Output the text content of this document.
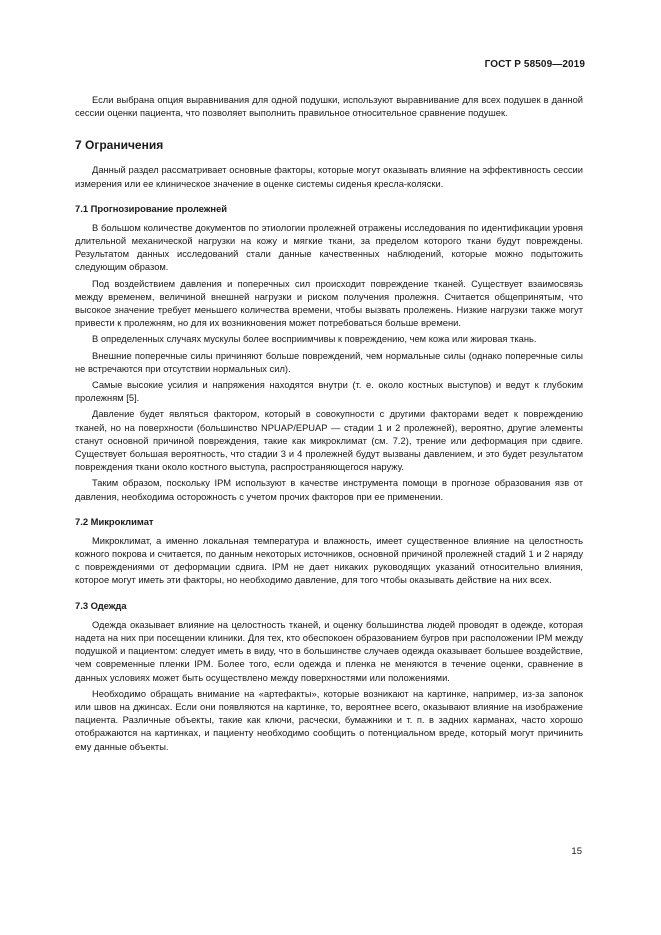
ГОСТ Р 58509—2019

Если выбрана опция выравнивания для одной подушки, используют выравнивание для всех подушек в данной сессии оценки пациента, что позволяет выполнить правильное относительное сравнение подушек.

7 Ограничения

Данный раздел рассматривает основные факторы, которые могут оказывать влияние на эффективность сессии измерения или ее клиническое значение в оценке системы сиденья кресла-коляски.

7.1 Прогнозирование пролежней

В большом количестве документов по этиологии пролежней отражены исследования по идентификации уровня длительной механической нагрузки на кожу и мягкие ткани, за пределом которого ткани будут повреждены. Результатом данных исследований стали данные качественных наблюдений, которые можно подытожить следующим образом.

Под воздействием давления и поперечных сил происходит повреждение тканей. Существует взаимосвязь между временем, величиной внешней нагрузки и риском получения пролежня. Считается общепринятым, что высокое значение требует меньшего количества времени, чтобы вызвать пролежень. Низкие нагрузки также могут привести к пролежням, но для их возникновения может потребоваться больше времени.

В определенных случаях мускулы более восприимчивы к повреждению, чем кожа или жировая ткань.

Внешние поперечные силы причиняют больше повреждений, чем нормальные силы (однако поперечные силы не встречаются при отсутствии нормальных сил).

Самые высокие усилия и напряжения находятся внутри (т. е. около костных выступов) и ведут к глубоким пролежням [5].

Давление будет являться фактором, который в совокупности с другими факторами ведет к повреждению тканей, но на поверхности (большинство NPUAP/EPUAP — стадии 1 и 2 пролежней), вероятно, другие элементы станут основной причиной повреждения, такие как микроклимат (см. 7.2), трение или деформация при сдвиге. Существует большая вероятность, что стадии 3 и 4 пролежней будут вызваны давлением, и это будет результатом повреждения ткани около костного выступа, распространяющегося наружу.

Таким образом, поскольку IPM используют в качестве инструмента помощи в прогнозе образования язв от давления, необходима осторожность с учетом прочих факторов при ее применении.

7.2 Микроклимат

Микроклимат, а именно локальная температура и влажность, имеет существенное влияние на целостность кожного покрова и считается, по данным некоторых источников, основной причиной пролежней стадий 1 и 2 наряду с повреждениями от деформации сдвига. IPM не дает никаких руководящих указаний относительно влияния, которое могут иметь эти факторы, но необходимо давление, для того чтобы оказывать действие на них всех.

7.3 Одежда

Одежда оказывает влияние на целостность тканей, и оценку большинства людей проводят в одежде, которая надета на них при посещении клиники. Для тех, кто обеспокоен образованием бугров при расположении IPM между подушкой и пациентом: следует иметь в виду, что в большинстве случаев одежда оказывает большее воздействие, чем современные пленки IPM. Более того, если одежда и пленка не меняются в течение оценки, сравнение в данных условиях может быть осуществлено между поверхностями или положениями.

Необходимо обращать внимание на «артефакты», которые возникают на картинке, например, из-за запонок или швов на джинсах. Если они появляются на картинке, то, вероятнее всего, оказывают влияние на изображение пациента. Различные объекты, такие как ключи, расчески, бумажники и т. п. в задних карманах, часто хорошо отображаются на картинках, и пациенту необходимо сообщить о потенциальном вреде, который могут причинить ему данные объекты.

15
